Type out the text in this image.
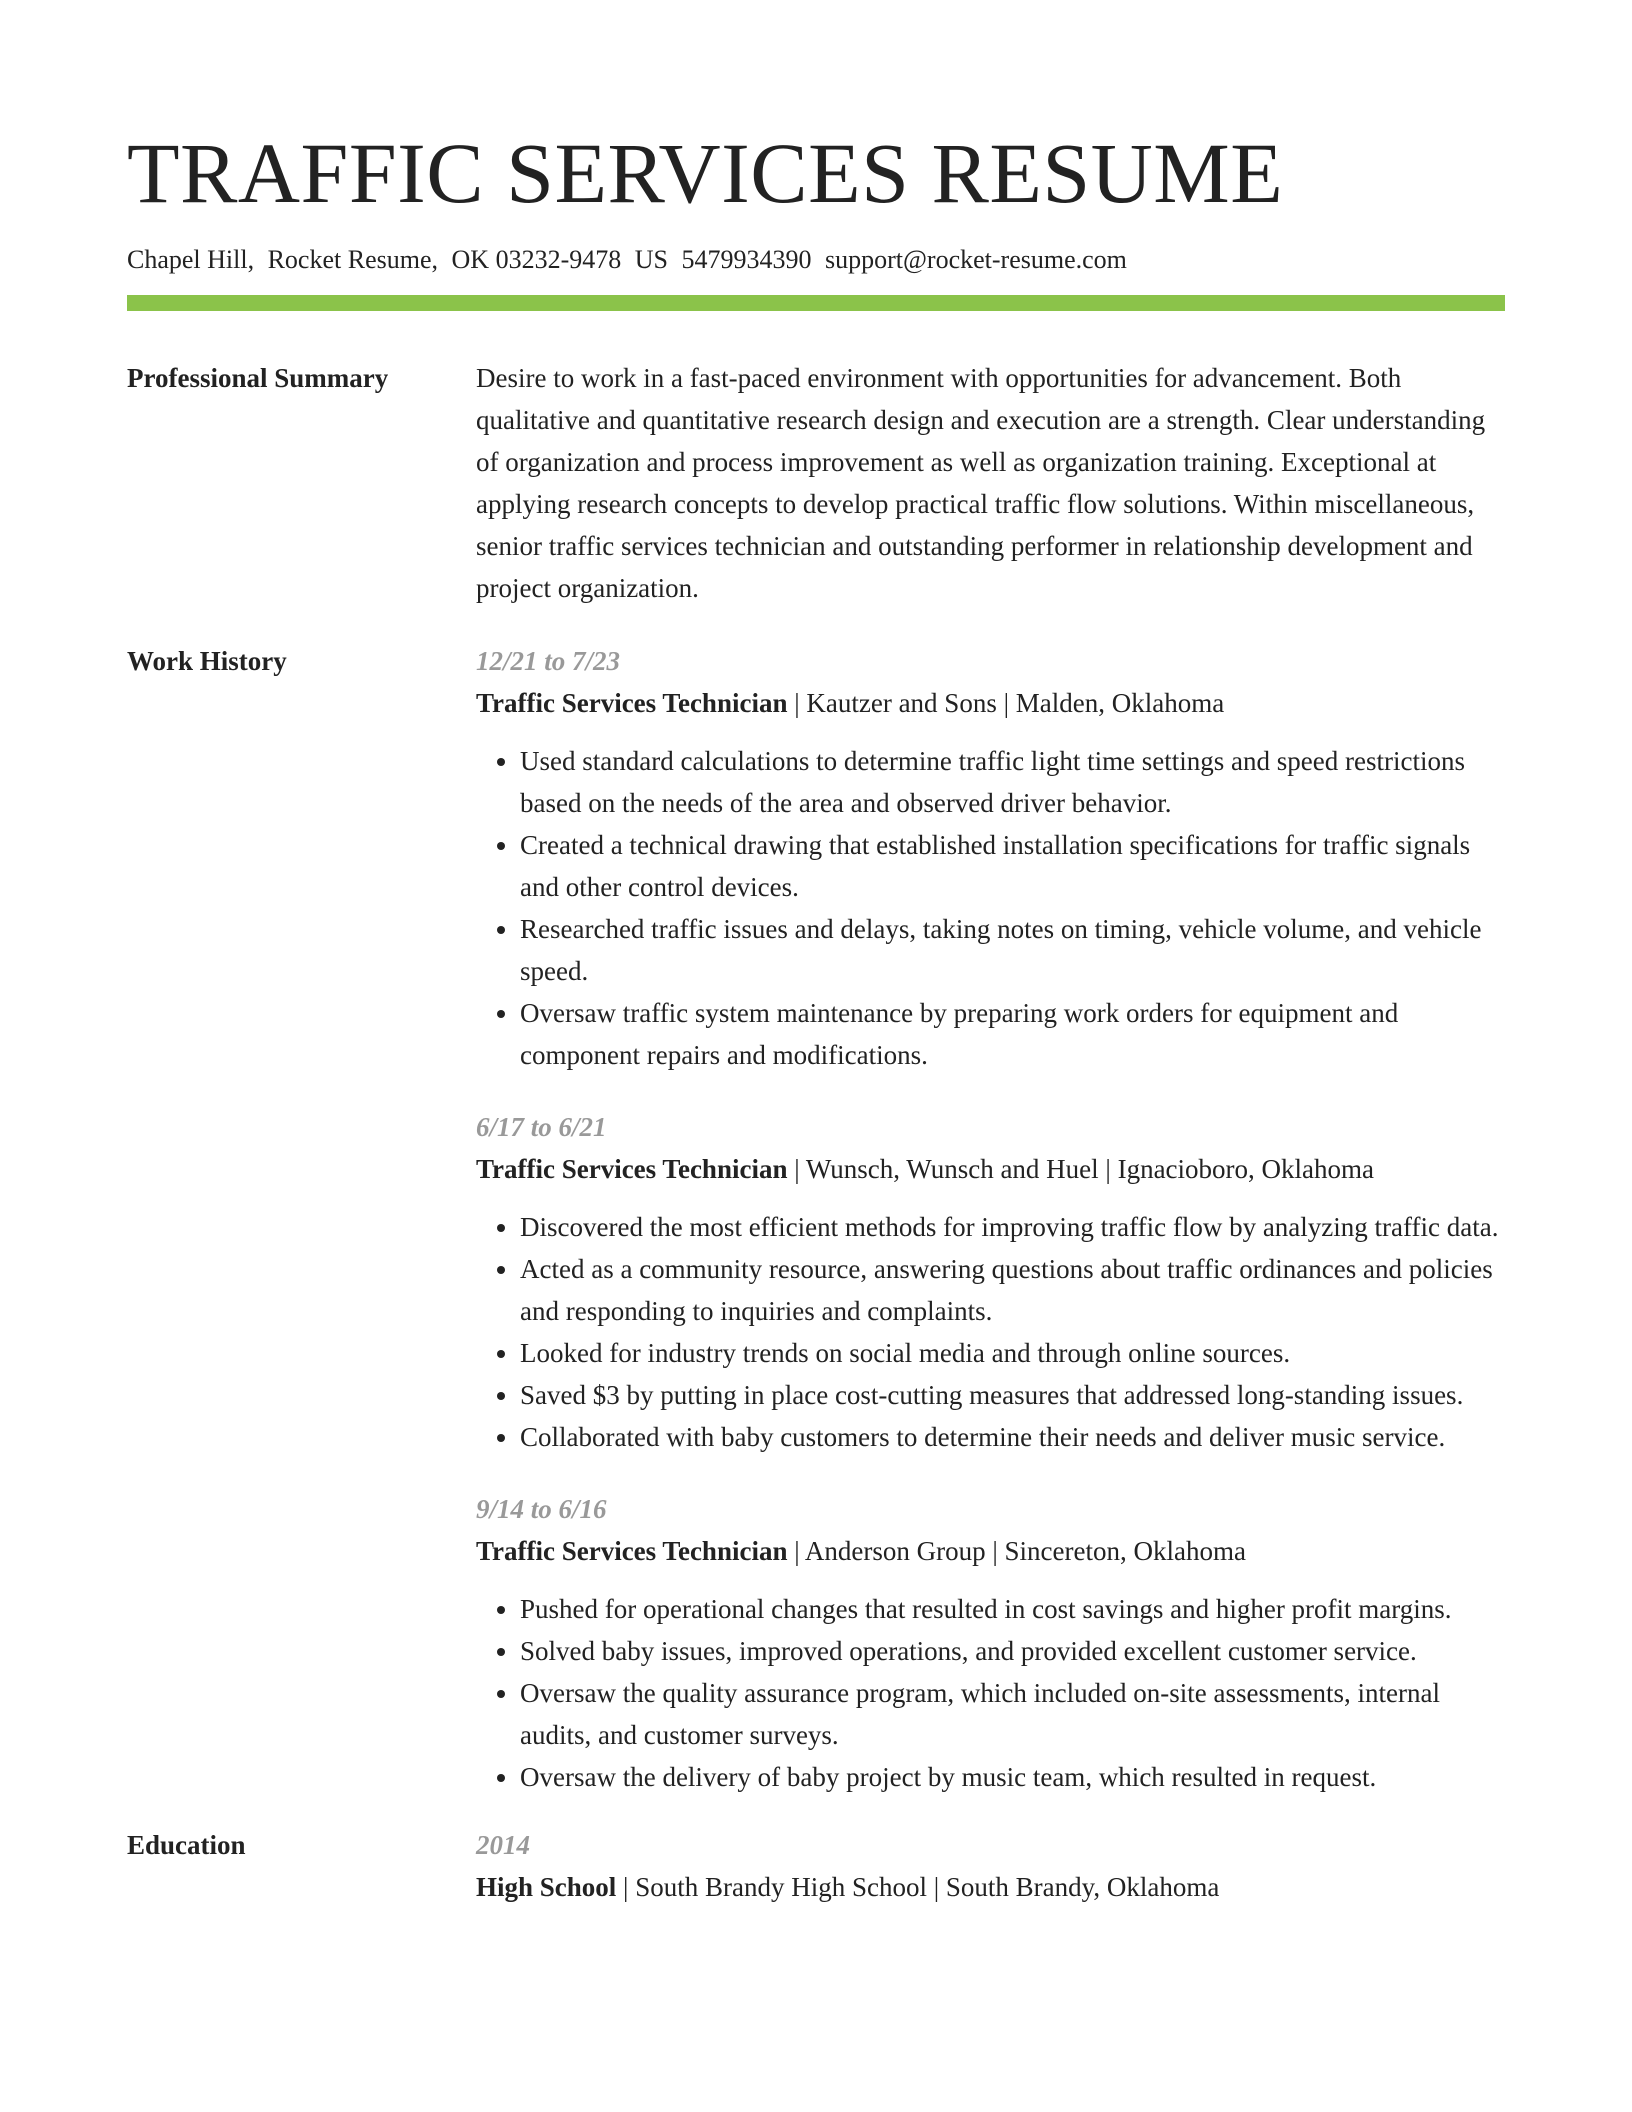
TRAFFIC SERVICES RESUME
Chapel Hill, Rocket Resume, OK 03232-9478 US 5479934390 support@rocket-resume.com
Professional Summary	Desire to work in a fast-paced environment with opportunities for advancement. Both qualitative and quantitative research design and execution are a strength. Clear understanding of organization and process improvement as well as organization training. Exceptional at applying research concepts to develop practical traffic flow solutions. Within miscellaneous, senior traffic services technician and outstanding performer in relationship development and project organization.
Work History	12/21 to 7/23
Traffic Services Technician | Kautzer and Sons | Malden, Oklahoma
• Used standard calculations to determine traffic light time settings and speed restrictions based on the needs of the area and observed driver behavior.
• Created a technical drawing that established installation specifications for traffic signals and other control devices.
• Researched traffic issues and delays, taking notes on timing, vehicle volume, and vehicle speed.
• Oversaw traffic system maintenance by preparing work orders for equipment and component repairs and modifications.
6/17 to 6/21
Traffic Services Technician | Wunsch, Wunsch and Huel | Ignacioboro, Oklahoma
• Discovered the most efficient methods for improving traffic flow by analyzing traffic data.
• Acted as a community resource, answering questions about traffic ordinances and policies and responding to inquiries and complaints.
• Looked for industry trends on social media and through online sources.
• Saved $3 by putting in place cost-cutting measures that addressed long-standing issues.
• Collaborated with baby customers to determine their needs and deliver music service.
9/14 to 6/16
Traffic Services Technician | Anderson Group | Sincereton, Oklahoma
• Pushed for operational changes that resulted in cost savings and higher profit margins.
• Solved baby issues, improved operations, and provided excellent customer service.
• Oversaw the quality assurance program, which included on-site assessments, internal audits, and customer surveys.
• Oversaw the delivery of baby project by music team, which resulted in request.
Education	2014
High School | South Brandy High School | South Brandy, Oklahoma
